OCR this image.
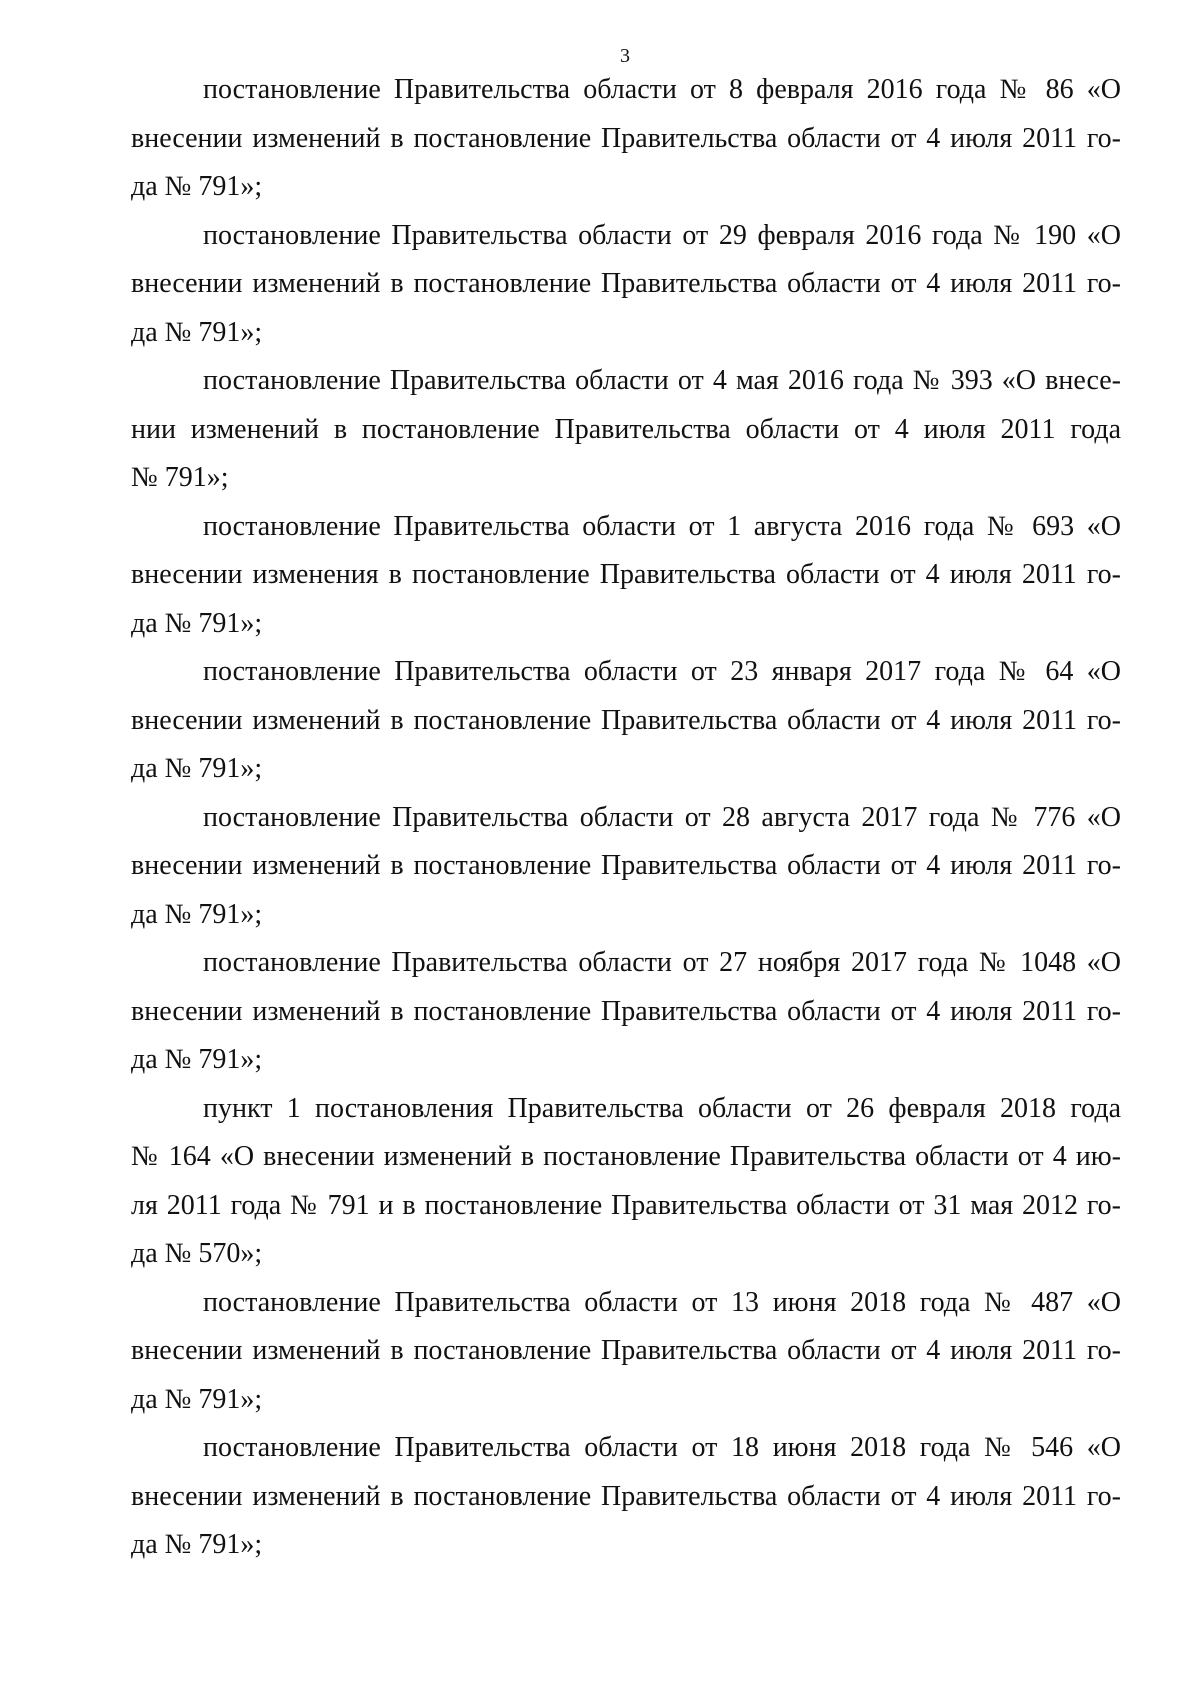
3

постановление Правительства области от 8 февраля 2016 года № 86 «О
внесении изменений в постановление Правительства области от 4 июля 2011 го-
да № 791»;

постановление Правительства области от 29 февраля 2016 года № 190 «О
внесении изменений в постановление Правительства области от 4 июля 2011 го-
да № 791»;

постановление Правительства области от 4 мая 2016 года № 393 «О внесе-
нии изменений в постановление Правительства области от 4 июля 2011 года
№ 791»;

постановление Правительства области от 1 августа 2016 года № 693 «О
внесении изменения в постановление Правительства области от 4 июля 2011 го-
да № 791»;

постановление Правительства области от 23 января 2017 года № 64 «О
внесении изменений в постановление Правительства области от 4 июля 2011 го-
да № 791»;

постановление Правительства области от 28 августа 2017 года № 776 «О
внесении изменений в постановление Правительства области от 4 июля 2011 го-
да № 791»;

постановление Правительства области от 27 ноября 2017 года № 1048 «О
внесении изменений в постановление Правительства области от 4 июля 2011 го-
да № 791»;

пункт 1 постановления Правительства области от 26 февраля 2018 года
№ 164 «О внесении изменений в постановление Правительства области от 4 ию-
ля 2011 года № 791 и в постановление Правительства области от 31 мая 2012 го-
да № 570»;

постановление Правительства области от 13 июня 2018 года № 487 «О
внесении изменений в постановление Правительства области от 4 июля 2011 го-
да № 791»;

постановление Правительства области от 18 июня 2018 года № 546 «О
внесении изменений в постановление Правительства области от 4 июля 2011 го-
да № 791»;
